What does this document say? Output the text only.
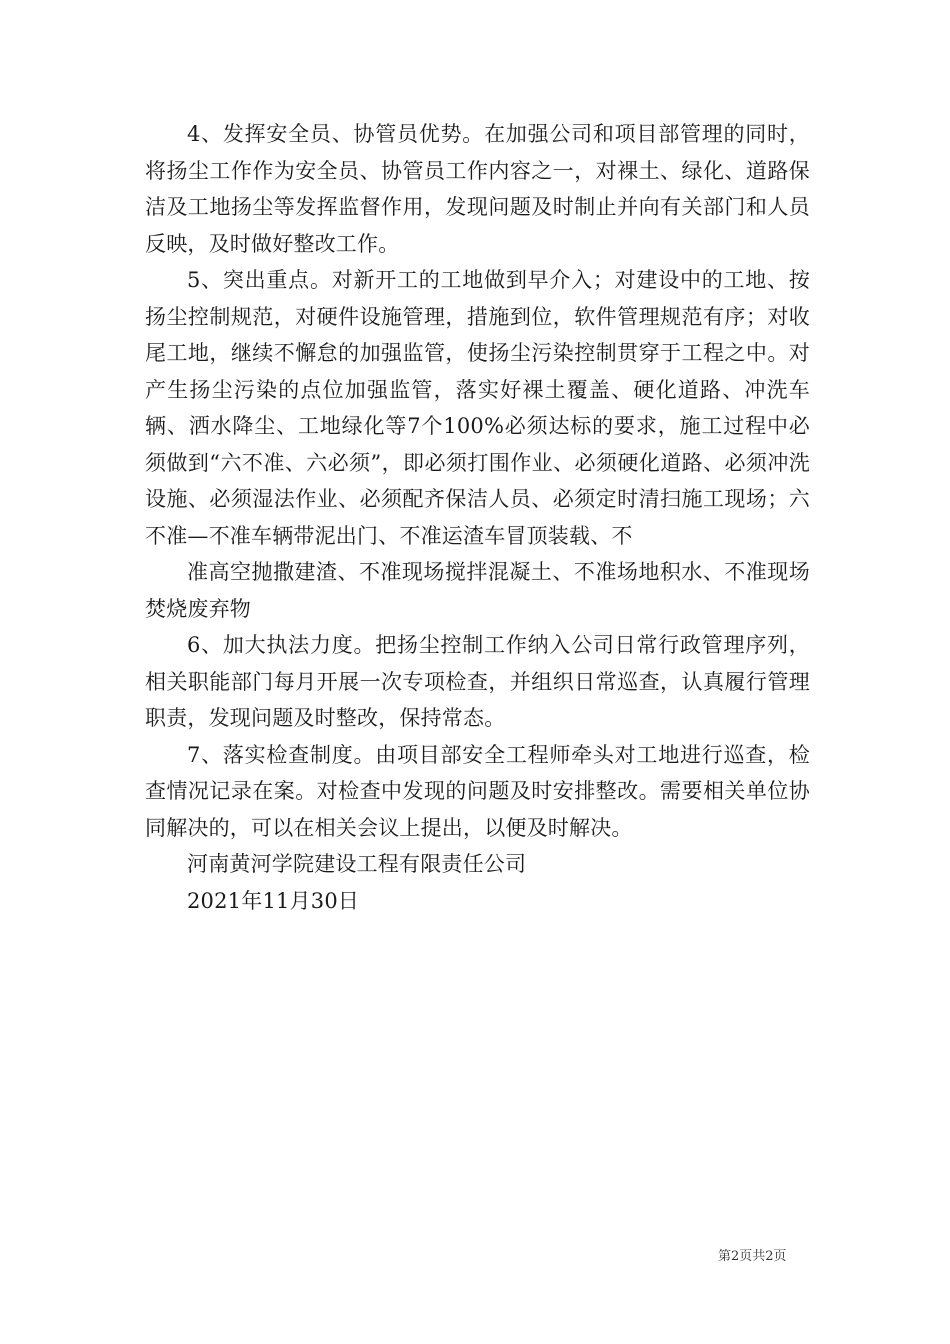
4、发挥安全员、协管员优势。在加强公司和项目部管理的同时，将扬尘工作作为安全员、协管员工作内容之一，对裸土、绿化、道路保洁及工地扬尘等发挥监督作用，发现问题及时制止并向有关部门和人员反映，及时做好整改工作。

5、突出重点。对新开工的工地做到早介入；对建设中的工地、按扬尘控制规范，对硬件设施管理，措施到位，软件管理规范有序；对收尾工地，继续不懈怠的加强监管，使扬尘污染控制贯穿于工程之中。对产生扬尘污染的点位加强监管，落实好裸土覆盖、硬化道路、冲洗车辆、洒水降尘、工地绿化等7个100%必须达标的要求，施工过程中必须做到“六不准、六必须”，即必须打围作业、必须硬化道路、必须冲洗设施、必须湿法作业、必须配齐保洁人员、必须定时清扫施工现场；六不准—不准车辆带泥出门、不准运渣车冒顶装载、不

准高空抛撒建渣、不准现场搅拌混凝土、不准场地积水、不准现场焚烧废弃物

6、加大执法力度。把扬尘控制工作纳入公司日常行政管理序列，相关职能部门每月开展一次专项检查，并组织日常巡查，认真履行管理职责，发现问题及时整改，保持常态。

7、落实检查制度。由项目部安全工程师牵头对工地进行巡查，检查情况记录在案。对检查中发现的问题及时安排整改。需要相关单位协同解决的，可以在相关会议上提出，以便及时解决。

河南黄河学院建设工程有限责任公司

2021年11月30日

第2页共2页
